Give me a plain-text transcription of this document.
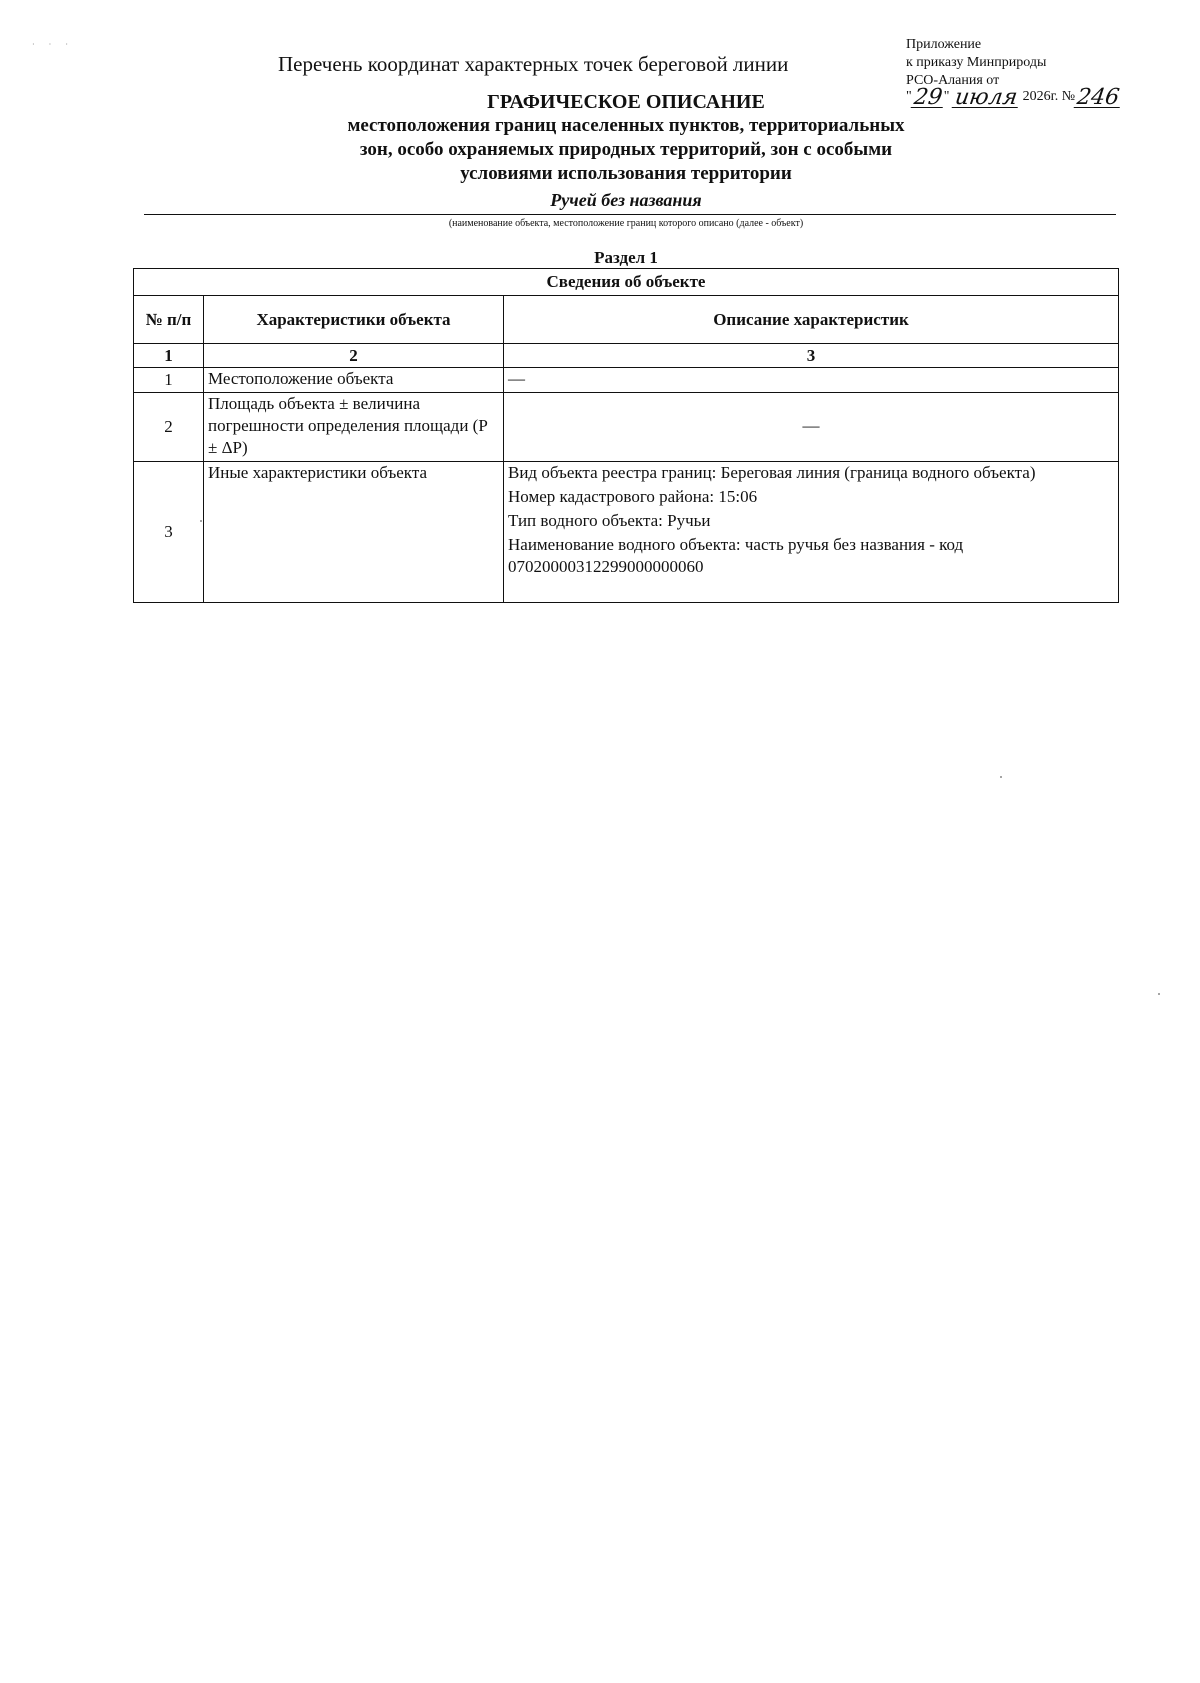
· · ·
Перечень координат характерных точек береговой линии
Приложение
к приказу Минприроды
РСО-Алания от
"29" июля 2026г. №246
ГРАФИЧЕСКОЕ ОПИСАНИЕ
местоположения границ населенных пунктов, территориальных
зон, особо охраняемых природных территорий, зон с особыми
условиями использования территории
Ручей без названия
(наименование объекта, местоположение границ которого описано (далее - объект)
Раздел 1
Сведения об объекте		
№ п/п	Характеристики объекта	Описание характеристик
1	2	3
1	Местоположение объекта	—

2	Площадь объекта ± величина погрешности определения площади (P ± ΔP)	—

3	Иные характеристики объекта	Вид объекта реестра границ: Береговая линия (граница водного объекта)
Номер кадастрового района: 15:06
Тип водного объекта: Ручьи
Наименование водного объекта: часть ручья без названия - код 07020000312299000000060
